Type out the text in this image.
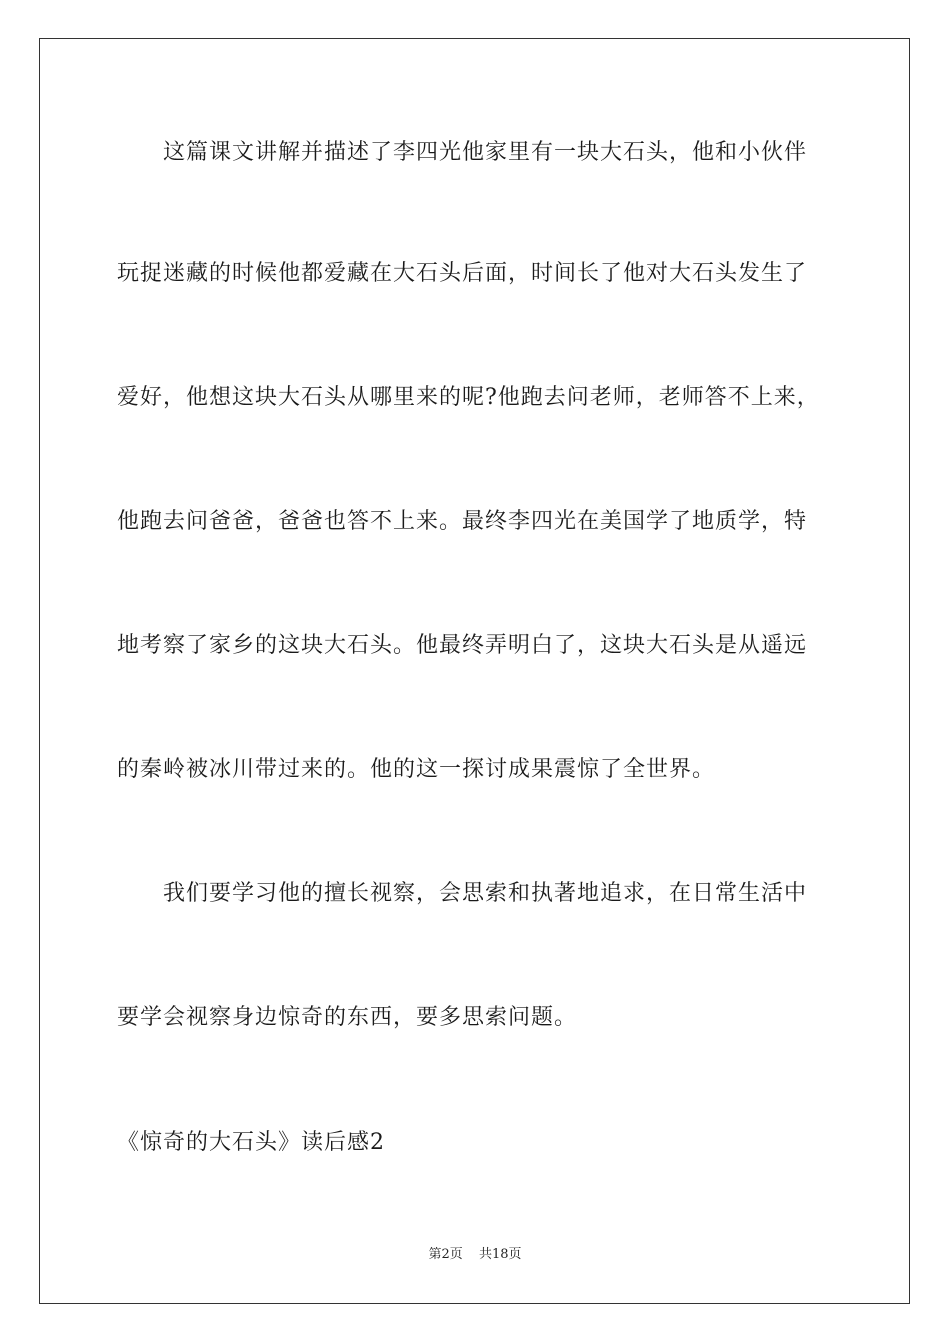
这篇课文讲解并描述了李四光他家里有一块大石头，他和小伙伴
玩捉迷藏的时候他都爱藏在大石头后面，时间长了他对大石头发生了
爱好，他想这块大石头从哪里来的呢?他跑去问老师，老师答不上来，
他跑去问爸爸，爸爸也答不上来。最终李四光在美国学了地质学，特
地考察了家乡的这块大石头。他最终弄明白了，这块大石头是从遥远
的秦岭被冰川带过来的。他的这一探讨成果震惊了全世界。
我们要学习他的擅长视察，会思索和执著地追求，在日常生活中
要学会视察身边惊奇的东西，要多思索问题。
《惊奇的大石头》读后感2
第2页 共18页
